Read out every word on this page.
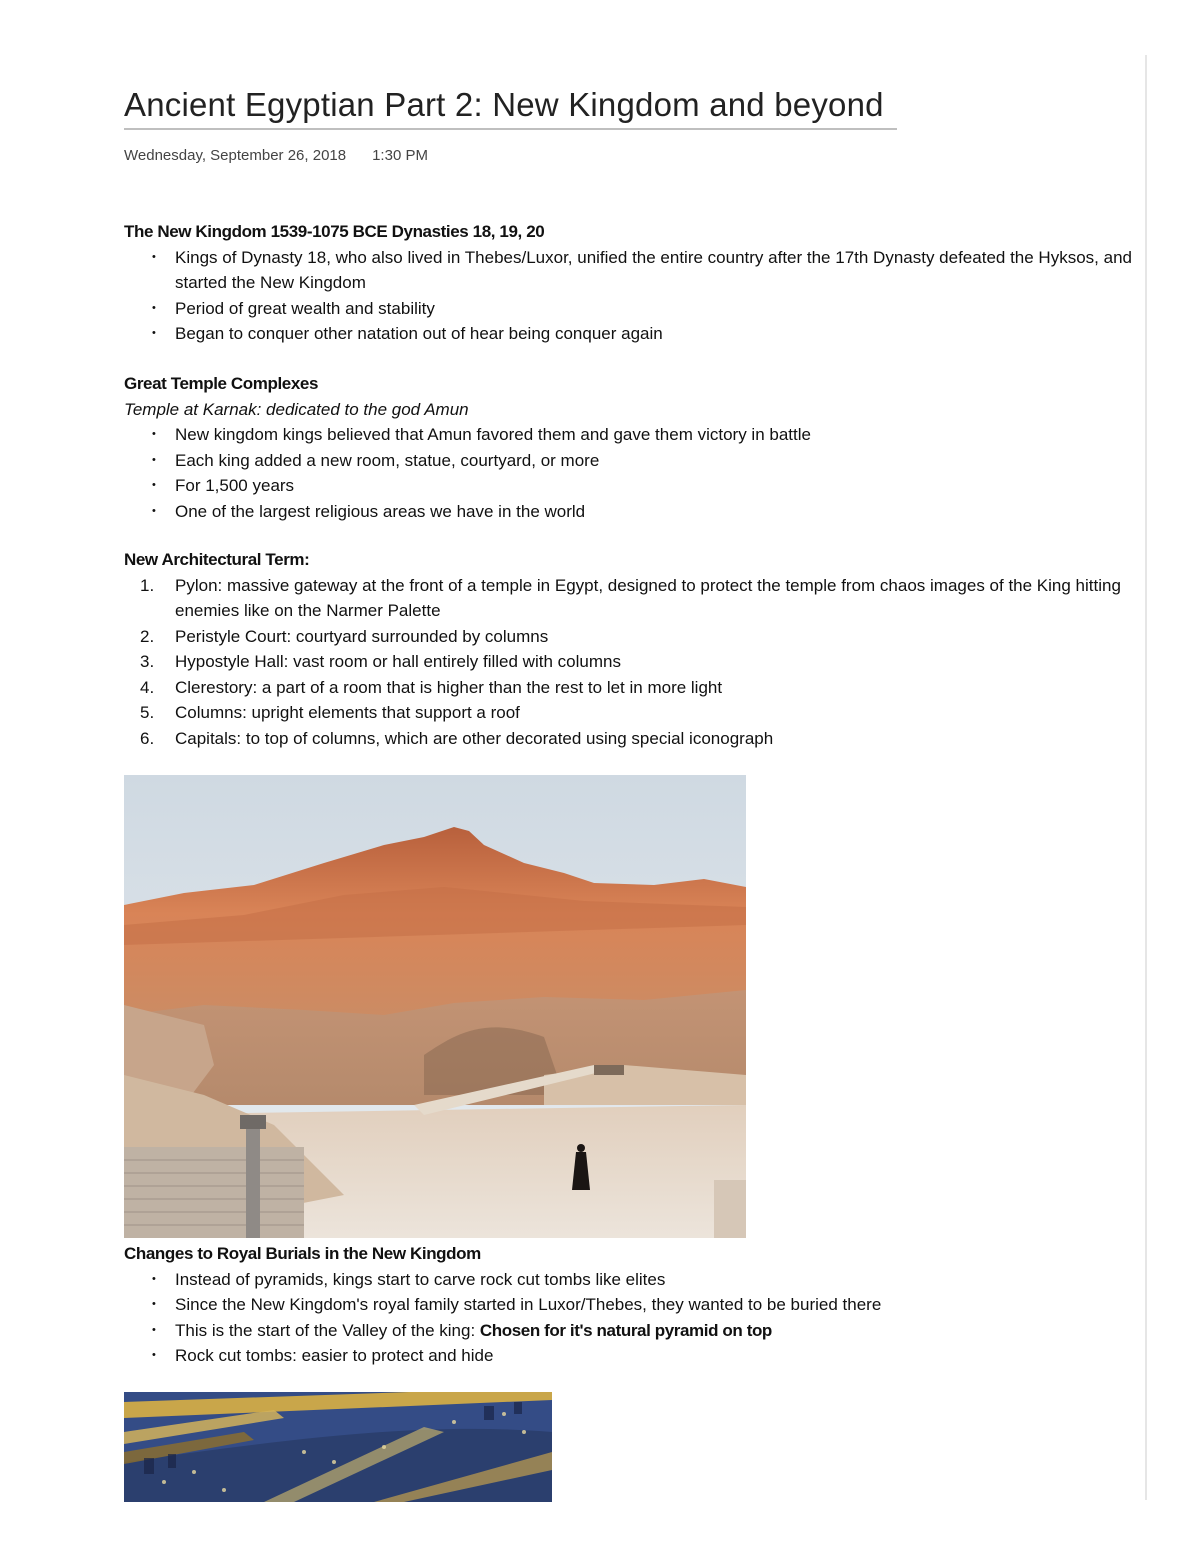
Ancient Egyptian Part 2: New Kingdom and beyond
Wednesday, September 26, 2018 1:30 PM
The New Kingdom 1539-1075 BCE Dynasties 18, 19, 20
• Kings of Dynasty 18, who also lived in Thebes/Luxor, unified the entire country after the 17th Dynasty defeated the Hyksos, and started the New Kingdom
• Period of great wealth and stability
• Began to conquer other natation out of hear being conquer again
Great Temple Complexes
Temple at Karnak: dedicated to the god Amun
• New kingdom kings believed that Amun favored them and gave them victory in battle
• Each king added a new room, statue, courtyard, or more
• For 1,500 years
• One of the largest religious areas we have in the world
New Architectural Term:
1. Pylon: massive gateway at the front of a temple in Egypt, designed to protect the temple from chaos images of the King hitting enemies like on the Narmer Palette
2. Peristyle Court: courtyard surrounded by columns
3. Hypostyle Hall: vast room or hall entirely filled with columns
4. Clerestory: a part of a room that is higher than the rest to let in more light
5. Columns: upright elements that support a roof
6. Capitals: to top of columns, which are other decorated using special iconograph
Changes to Royal Burials in the New Kingdom
• Instead of pyramids, kings start to carve rock cut tombs like elites
• Since the New Kingdom's royal family started in Luxor/Thebes, they wanted to be buried there
• This is the start of the Valley of the king: Chosen for it's natural pyramid on top
• Rock cut tombs: easier to protect and hide
